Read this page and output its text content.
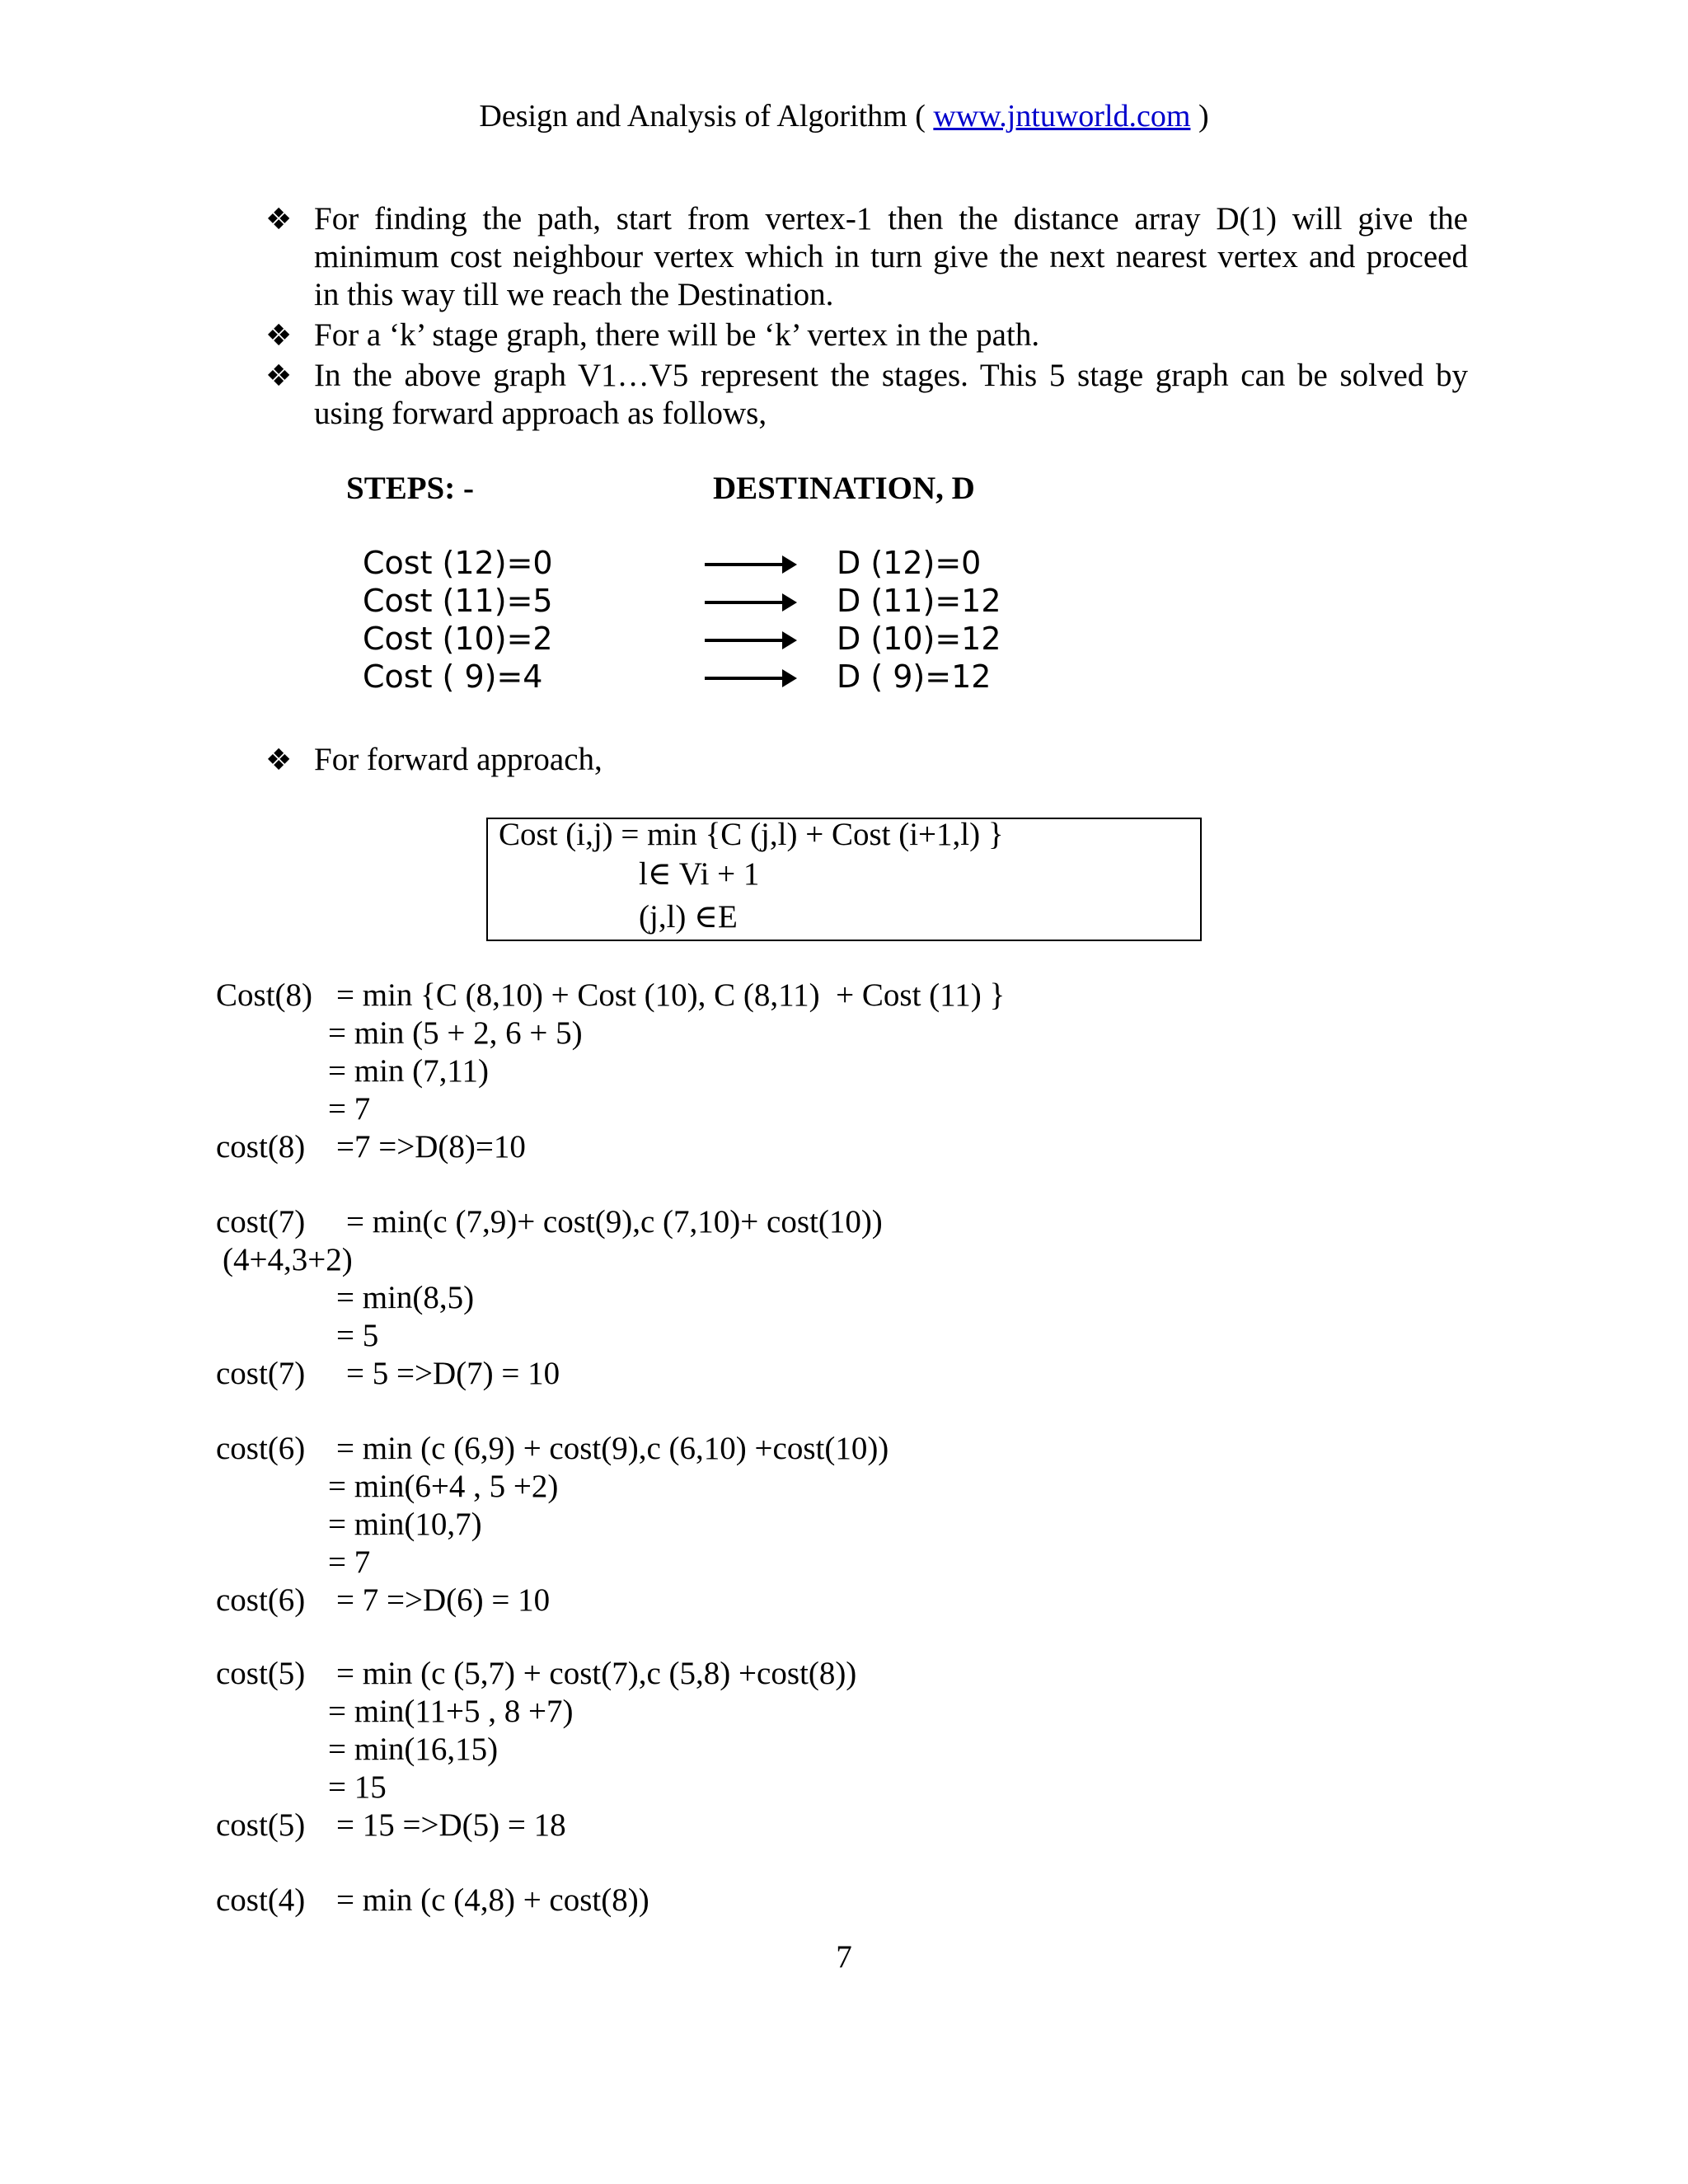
Design and Analysis of Algorithm ( www.jntuworld.com )
❖ For finding the path, start from vertex-1 then the distance array D(1) will give the minimum cost neighbour vertex which in turn give the next nearest vertex and proceed
in this way till we reach the Destination.
❖ For a ‘k’ stage graph, there will be ‘k’ vertex in the path.
❖ In the above graph V1…V5 represent the stages. This 5 stage graph can be solved by
using forward approach as follows,
STEPS: -	DESTINATION, D
Cost (12)=0
Cost (11)=5
Cost (10)=2
Cost ( 9)=4
D (12)=0
D (11)=12
D (10)=12
D ( 9)=12
❖ For forward approach,
Cost (i,j) = min {C (j,l) + Cost (i+1,l) }
l∈ Vi + 1
(j,l) ∈E
Cost(8) = min {C (8,10) + Cost (10), C (8,11)  + Cost (11) }
= min (5 + 2, 6 + 5)
= min (7,11)
= 7
cost(8) =7 =>D(8)=10
cost(7) = min(c (7,9)+ cost(9),c (7,10)+ cost(10))
(4+4,3+2)
= min(8,5)
= 5
cost(7) = 5 =>D(7) = 10
cost(6) = min (c (6,9) + cost(9),c (6,10) +cost(10))
= min(6+4 , 5 +2)
= min(10,7)
= 7
cost(6) = 7 =>D(6) = 10
cost(5) = min (c (5,7) + cost(7),c (5,8) +cost(8))
= min(11+5 , 8 +7)
= min(16,15)
= 15
cost(5) = 15 =>D(5) = 18
cost(4) = min (c (4,8) + cost(8))
7
